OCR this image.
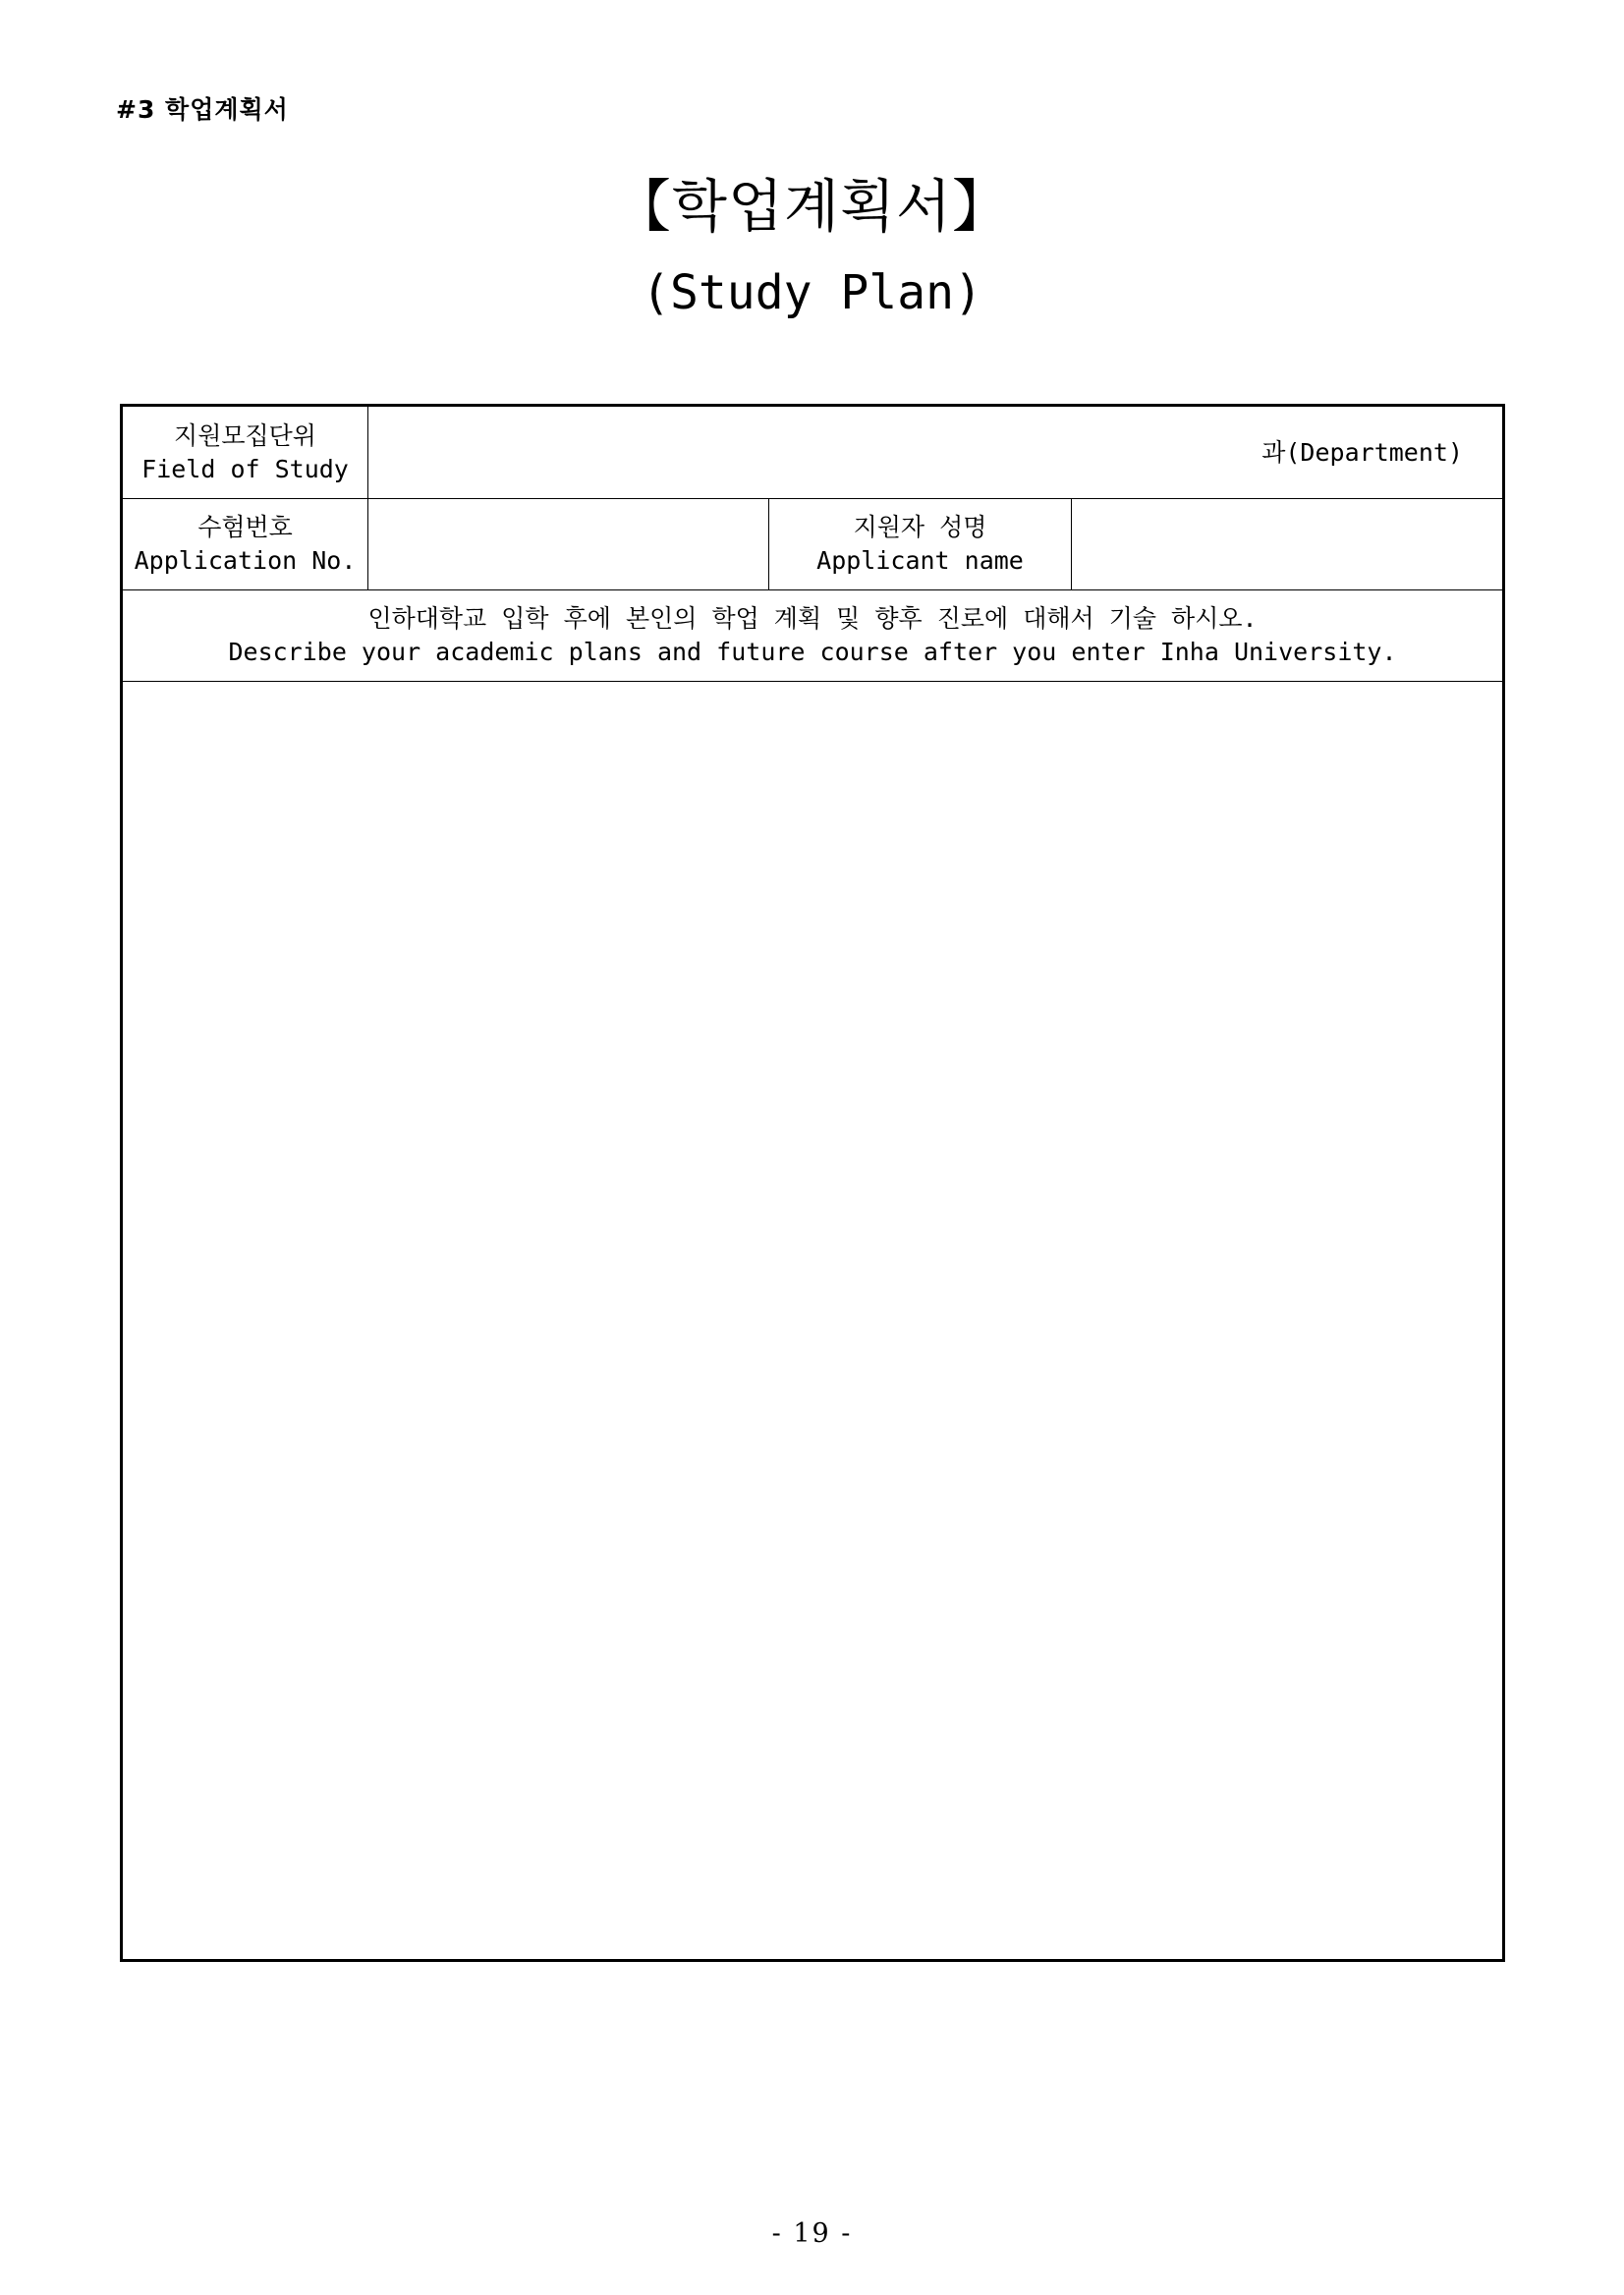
#3 학업계획서
【학업계획서】
(Study Plan)
지원모집단위
Field of Study
과(Department)
수험번호
Application No.
지원자 성명
Applicant name
인하대학교 입학 후에 본인의 학업 계획 및 향후 진로에 대해서 기술 하시오.
Describe your academic plans and future course after you enter Inha University.
- 19 -
